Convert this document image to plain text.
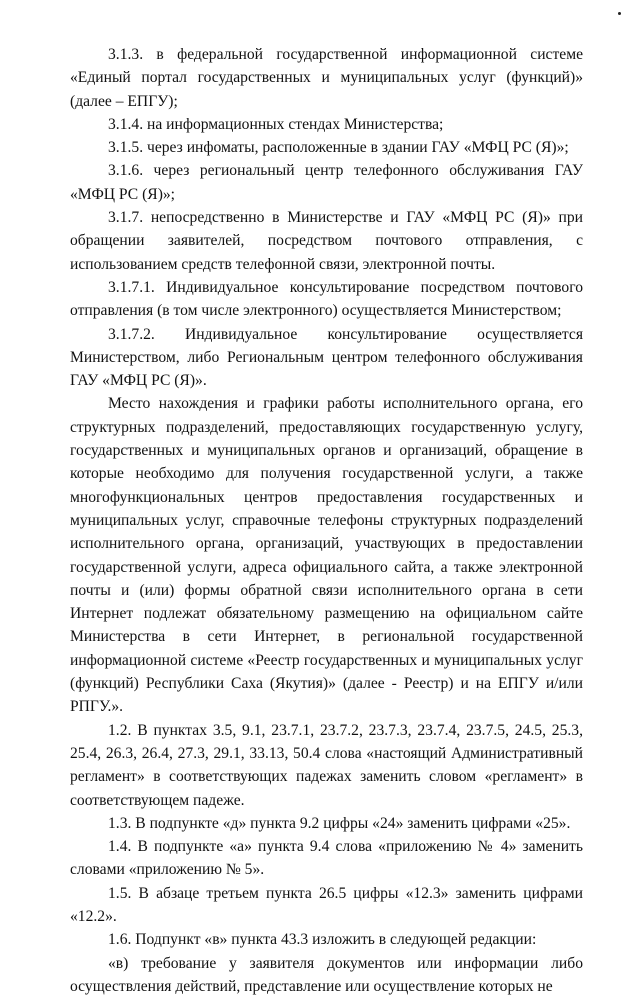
3.1.3. в федеральной государственной информационной системе «Единый портал государственных и муниципальных услуг (функций)» (далее – ЕПГУ);

3.1.4. на информационных стендах Министерства;

3.1.5. через инфоматы, расположенные в здании ГАУ «МФЦ РС (Я)»;

3.1.6. через региональный центр телефонного обслуживания ГАУ «МФЦ РС (Я)»;

3.1.7. непосредственно в Министерстве и ГАУ «МФЦ РС (Я)» при обращении заявителей, посредством почтового отправления, с использованием средств телефонной связи, электронной почты.

3.1.7.1. Индивидуальное консультирование посредством почтового отправления (в том числе электронного) осуществляется Министерством;

3.1.7.2. Индивидуальное консультирование осуществляется Министерством, либо Региональным центром телефонного обслуживания ГАУ «МФЦ РС (Я)».

Место нахождения и графики работы исполнительного органа, его структурных подразделений, предоставляющих государственную услугу, государственных и муниципальных органов и организаций, обращение в которые необходимо для получения государственной услуги, а также многофункциональных центров предоставления государственных и муниципальных услуг, справочные телефоны структурных подразделений исполнительного органа, организаций, участвующих в предоставлении государственной услуги, адреса официального сайта, а также электронной почты и (или) формы обратной связи исполнительного органа в сети Интернет подлежат обязательному размещению на официальном сайте Министерства в сети Интернет, в региональной государственной информационной системе «Реестр государственных и муниципальных услуг (функций) Республики Саха (Якутия)» (далее - Реестр) и на ЕПГУ и/или РПГУ.».

1.2. В пунктах 3.5, 9.1, 23.7.1, 23.7.2, 23.7.3, 23.7.4, 23.7.5, 24.5, 25.3, 25.4, 26.3, 26.4, 27.3, 29.1, 33.13, 50.4 слова «настоящий Административный регламент» в соответствующих падежах заменить словом «регламент» в соответствующем падеже.

1.3. В подпункте «д» пункта 9.2 цифры «24» заменить цифрами «25».

1.4. В подпункте «а» пункта 9.4 слова «приложению № 4» заменить словами «приложению № 5».

1.5. В абзаце третьем пункта 26.5 цифры «12.3» заменить цифрами «12.2».

1.6. Подпункт «в» пункта 43.3 изложить в следующей редакции:

«в) требование у заявителя документов или информации либо осуществления действий, представление или осуществление которых не
